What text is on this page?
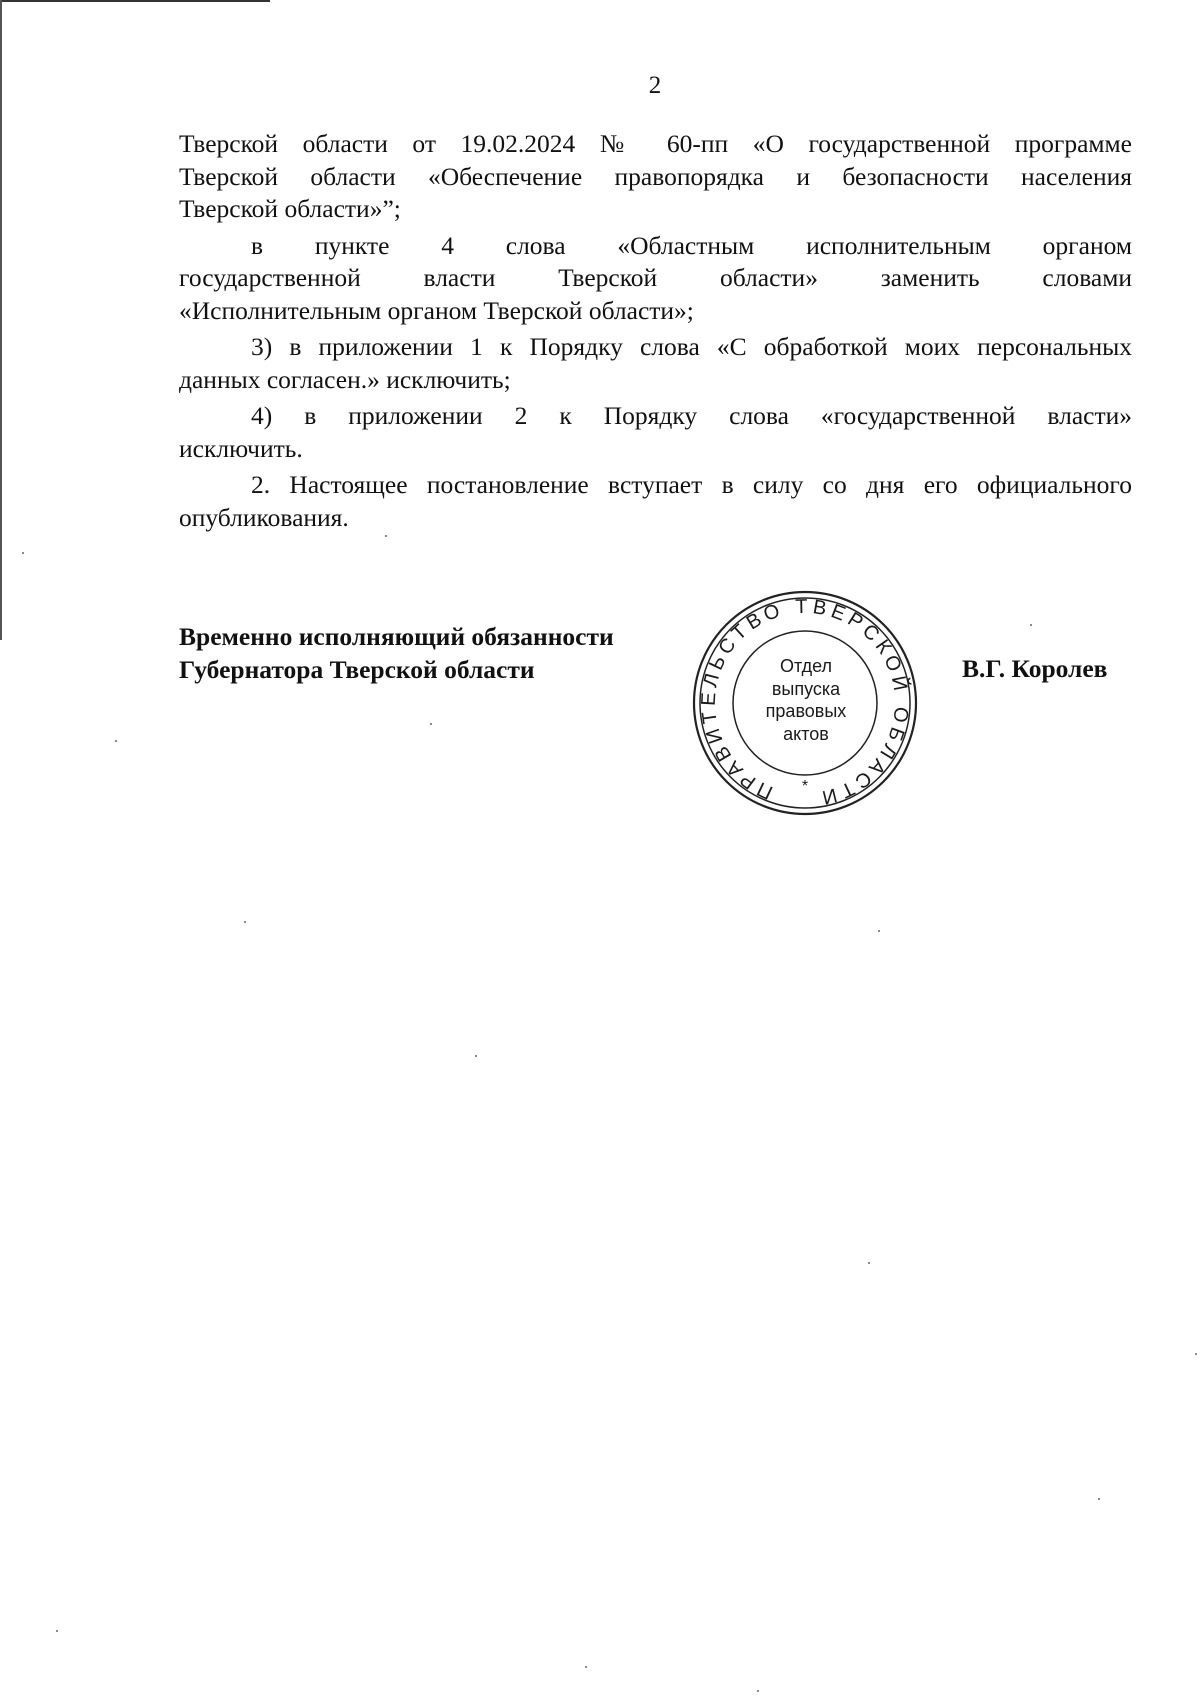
2

Тверской области от 19.02.2024 № 60-пп «О государственной программе
Тверской области «Обеспечение правопорядка и безопасности населения
Тверской области»”;

в пункте 4 слова «Областным исполнительным органом
государственной власти Тверской области» заменить словами
«Исполнительным органом Тверской области»;

3) в приложении 1 к Порядку слова «С обработкой моих персональных
данных согласен.» исключить;

4) в приложении 2 к Порядку слова «государственной власти»
исключить.

2. Настоящее постановление вступает в силу со дня его официального
опубликования.

Временно исполняющий обязанности
Губернатора Тверской области	В.Г. Королев
ПРАВИТЕЛЬСТВО ТВЕРСКОЙ ОБЛАСТИ
*
Отдел
выпуска
правовых
актов
